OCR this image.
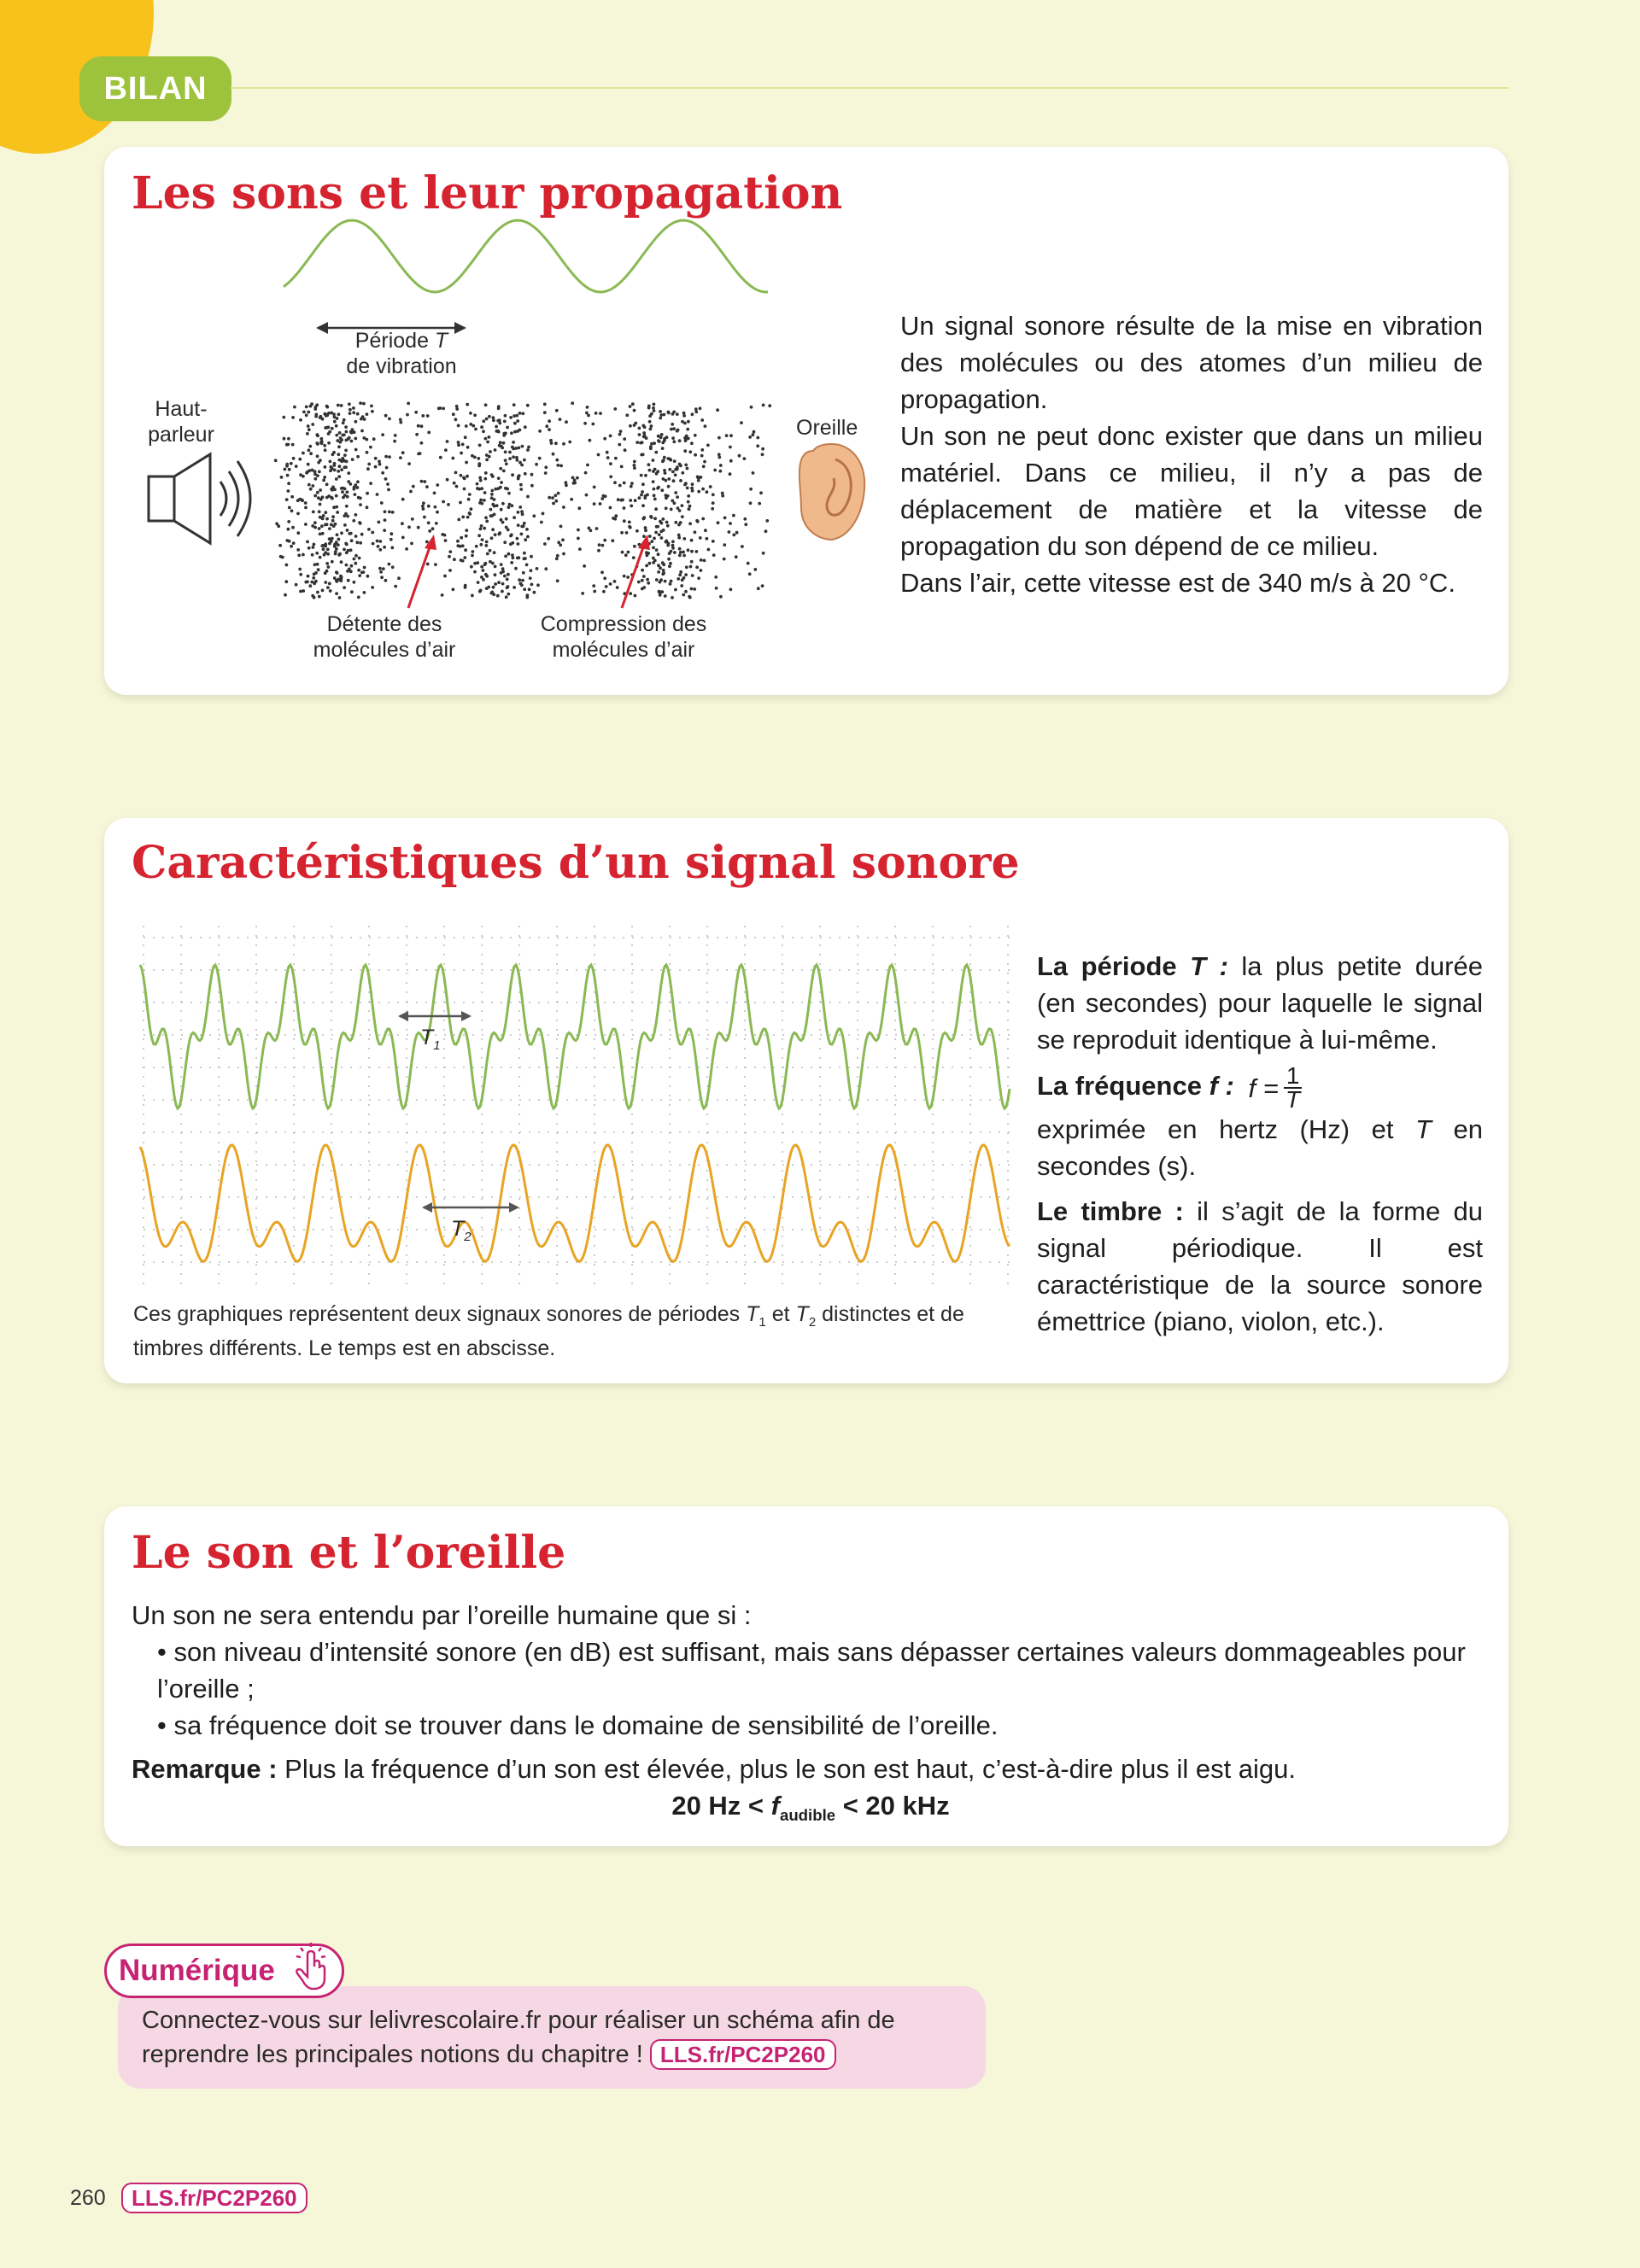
BILAN
Les sons et leur propagation
Période T
de vibration
Haut-
parleur	Oreille
Détente des
molécules d’air
Compression des
molécules d’air
Un signal sonore résulte de la mise en vibration des molécules ou des atomes d’un milieu de propagation.
Un son ne peut donc exister que dans un milieu matériel. Dans ce milieu, il n’y a pas de déplacement de matière et la vitesse de propagation du son dépend de ce milieu.
Dans l’air, cette vitesse est de 340 m/s à 20 °C.
Caractéristiques d’un signal sonore
$T_1$
$T_2$
Ces graphiques représentent deux signaux sonores de périodes $T_1$ et $T_2$ distinctes et de timbres différents. Le temps est en abscisse.
La période T : la plus petite durée (en secondes) pour laquelle le signal se reproduit identique à lui-même.
La fréquence f : $f = \frac{1}{T}$
exprimée en hertz (Hz) et T en secondes (s).
Le timbre : il s’agit de la forme du signal périodique. Il est caractéristique de la source sonore émettrice (piano, violon, etc.).
Le son et l’oreille
Un son ne sera entendu par l’oreille humaine que si :
• son niveau d’intensité sonore (en dB) est suffisant, mais sans dépasser certaines valeurs dommageables pour l’oreille ;
• sa fréquence doit se trouver dans le domaine de sensibilité de l’oreille.
Remarque : Plus la fréquence d’un son est élevée, plus le son est haut, c’est-à-dire plus il est aigu.
20 $Hz < f_{audible} < 20$ kHz
Connectez-vous sur lelivrescolaire.fr pour réaliser un schéma afin de
reprendre les principales notions du chapitre ! LLS.fr/PC2P260
Numérique
260	LLS.fr/PC2P260
